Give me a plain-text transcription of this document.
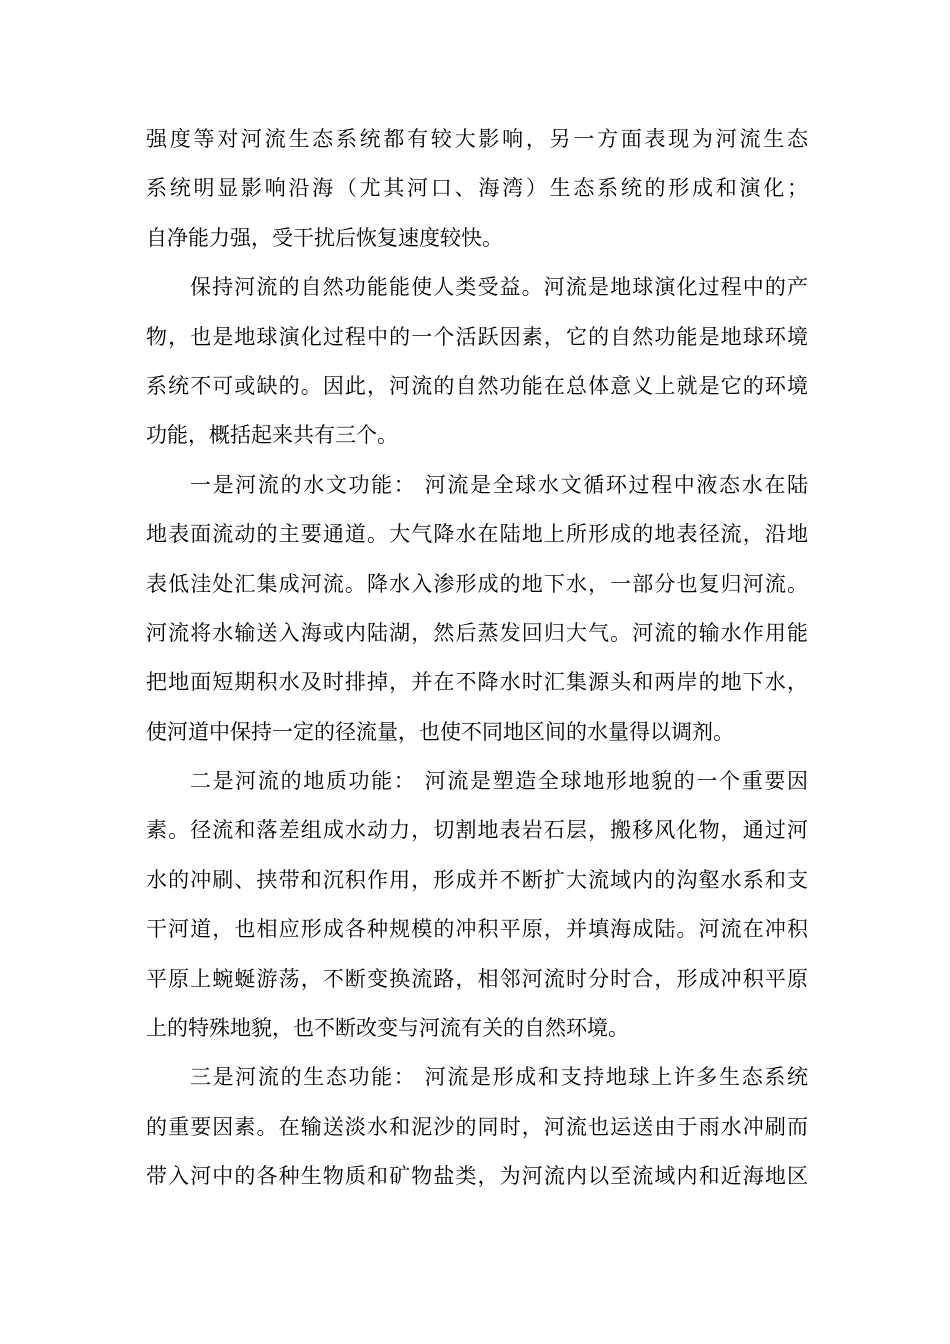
强度等对河流生态系统都有较大影响，另一方面表现为河流生态
系统明显影响沿海（尤其河口、海湾）生态系统的形成和演化；
自净能力强，受干扰后恢复速度较快。
保持河流的自然功能能使人类受益。河流是地球演化过程中的产
物，也是地球演化过程中的一个活跃因素，它的自然功能是地球环境
系统不可或缺的。因此，河流的自然功能在总体意义上就是它的环境
功能，概括起来共有三个。
一是河流的水文功能： 河流是全球水文循环过程中液态水在陆
地表面流动的主要通道。大气降水在陆地上所形成的地表径流，沿地
表低洼处汇集成河流。降水入渗形成的地下水，一部分也复归河流。
河流将水输送入海或内陆湖，然后蒸发回归大气。河流的输水作用能
把地面短期积水及时排掉，并在不降水时汇集源头和两岸的地下水，
使河道中保持一定的径流量，也使不同地区间的水量得以调剂。
二是河流的地质功能： 河流是塑造全球地形地貌的一个重要因
素。径流和落差组成水动力，切割地表岩石层，搬移风化物，通过河
水的冲刷、挟带和沉积作用，形成并不断扩大流域内的沟壑水系和支
干河道，也相应形成各种规模的冲积平原，并填海成陆。河流在冲积
平原上蜿蜒游荡，不断变换流路，相邻河流时分时合，形成冲积平原
上的特殊地貌，也不断改变与河流有关的自然环境。
三是河流的生态功能： 河流是形成和支持地球上许多生态系统
的重要因素。在输送淡水和泥沙的同时，河流也运送由于雨水冲刷而
带入河中的各种生物质和矿物盐类，为河流内以至流域内和近海地区
